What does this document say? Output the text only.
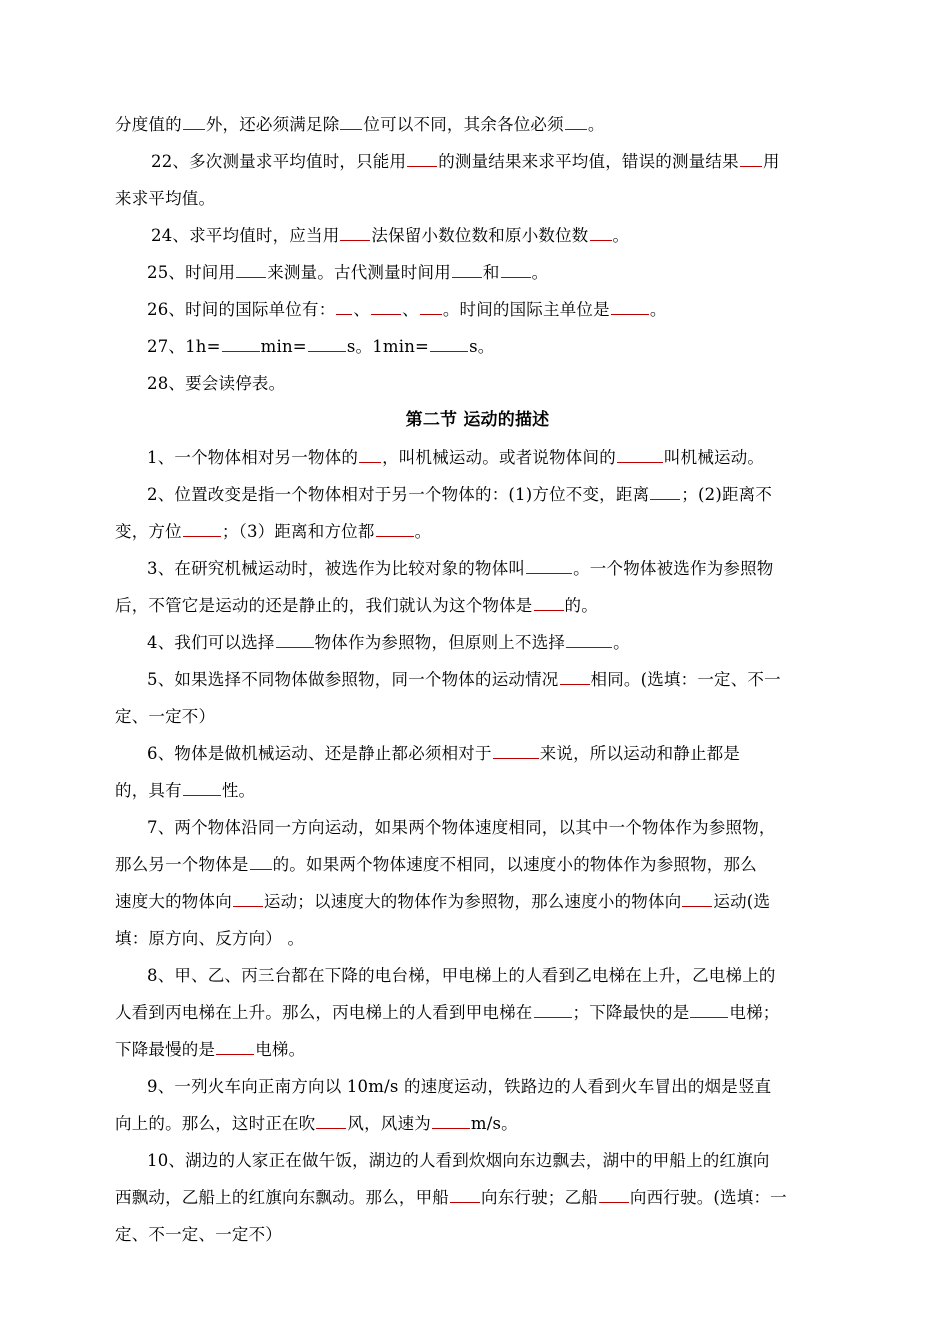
分度值的 外，还必须满足除 位可以不同，其余各位必须 。
22、多次测量求平均值时，只能用 的测量结果来求平均值，错误的测量结果 用
来求平均值。
24、求平均值时，应当用 法保留小数位数和原小数位数 。
25、时间用 来测量。古代测量时间用 和 。
26、时间的国际单位有： 、 、 。时间的国际主单位是 。
27、1h= min= s。1min= s。
28、要会读停表。
第二节 运动的描述
1、一个物体相对另一物体的 ，叫机械运动。或者说物体间的	叫机械运动。
2、位置改变是指一个物体相对于另一个物体的：(1)方位不变，距离 ；(2)距离不
变，方位 ；（3）距离和方位都 。
3、在研究机械运动时，被选作为比较对象的物体叫	。一个物体被选作为参照物
后，不管它是运动的还是静止的，我们就认为这个物体是 的。
4、我们可以选择 物体作为参照物，但原则上不选择	。
5、如果选择不同物体做参照物，同一个物体的运动情况 相同。(选填：一定、不一
定、一定不）
6、物体是做机械运动、还是静止都必须相对于	来说，所以运动和静止都是
的，具有 性。
7、两个物体沿同一方向运动，如果两个物体速度相同，以其中一个物体作为参照物，
那么另一个物体是 的。如果两个物体速度不相同，以速度小的物体作为参照物，那么
速度大的物体向 运动；以速度大的物体作为参照物，那么速度小的物体向 运动(选
填：原方向、反方向） 。
8、甲、乙、丙三台都在下降的电台梯，甲电梯上的人看到乙电梯在上升，乙电梯上的
人看到丙电梯在上升。那么，丙电梯上的人看到甲电梯在 ；下降最快的是 电梯；
下降最慢的是 电梯。
9、一列火车向正南方向以 10m/s 的速度运动，铁路边的人看到火车冒出的烟是竖直
向上的。那么，这时正在吹 风，风速为 m/s。
10、湖边的人家正在做午饭，湖边的人看到炊烟向东边飘去，湖中的甲船上的红旗向
西飘动，乙船上的红旗向东飘动。那么，甲船 向东行驶；乙船 向西行驶。(选填：一
定、不一定、一定不）
